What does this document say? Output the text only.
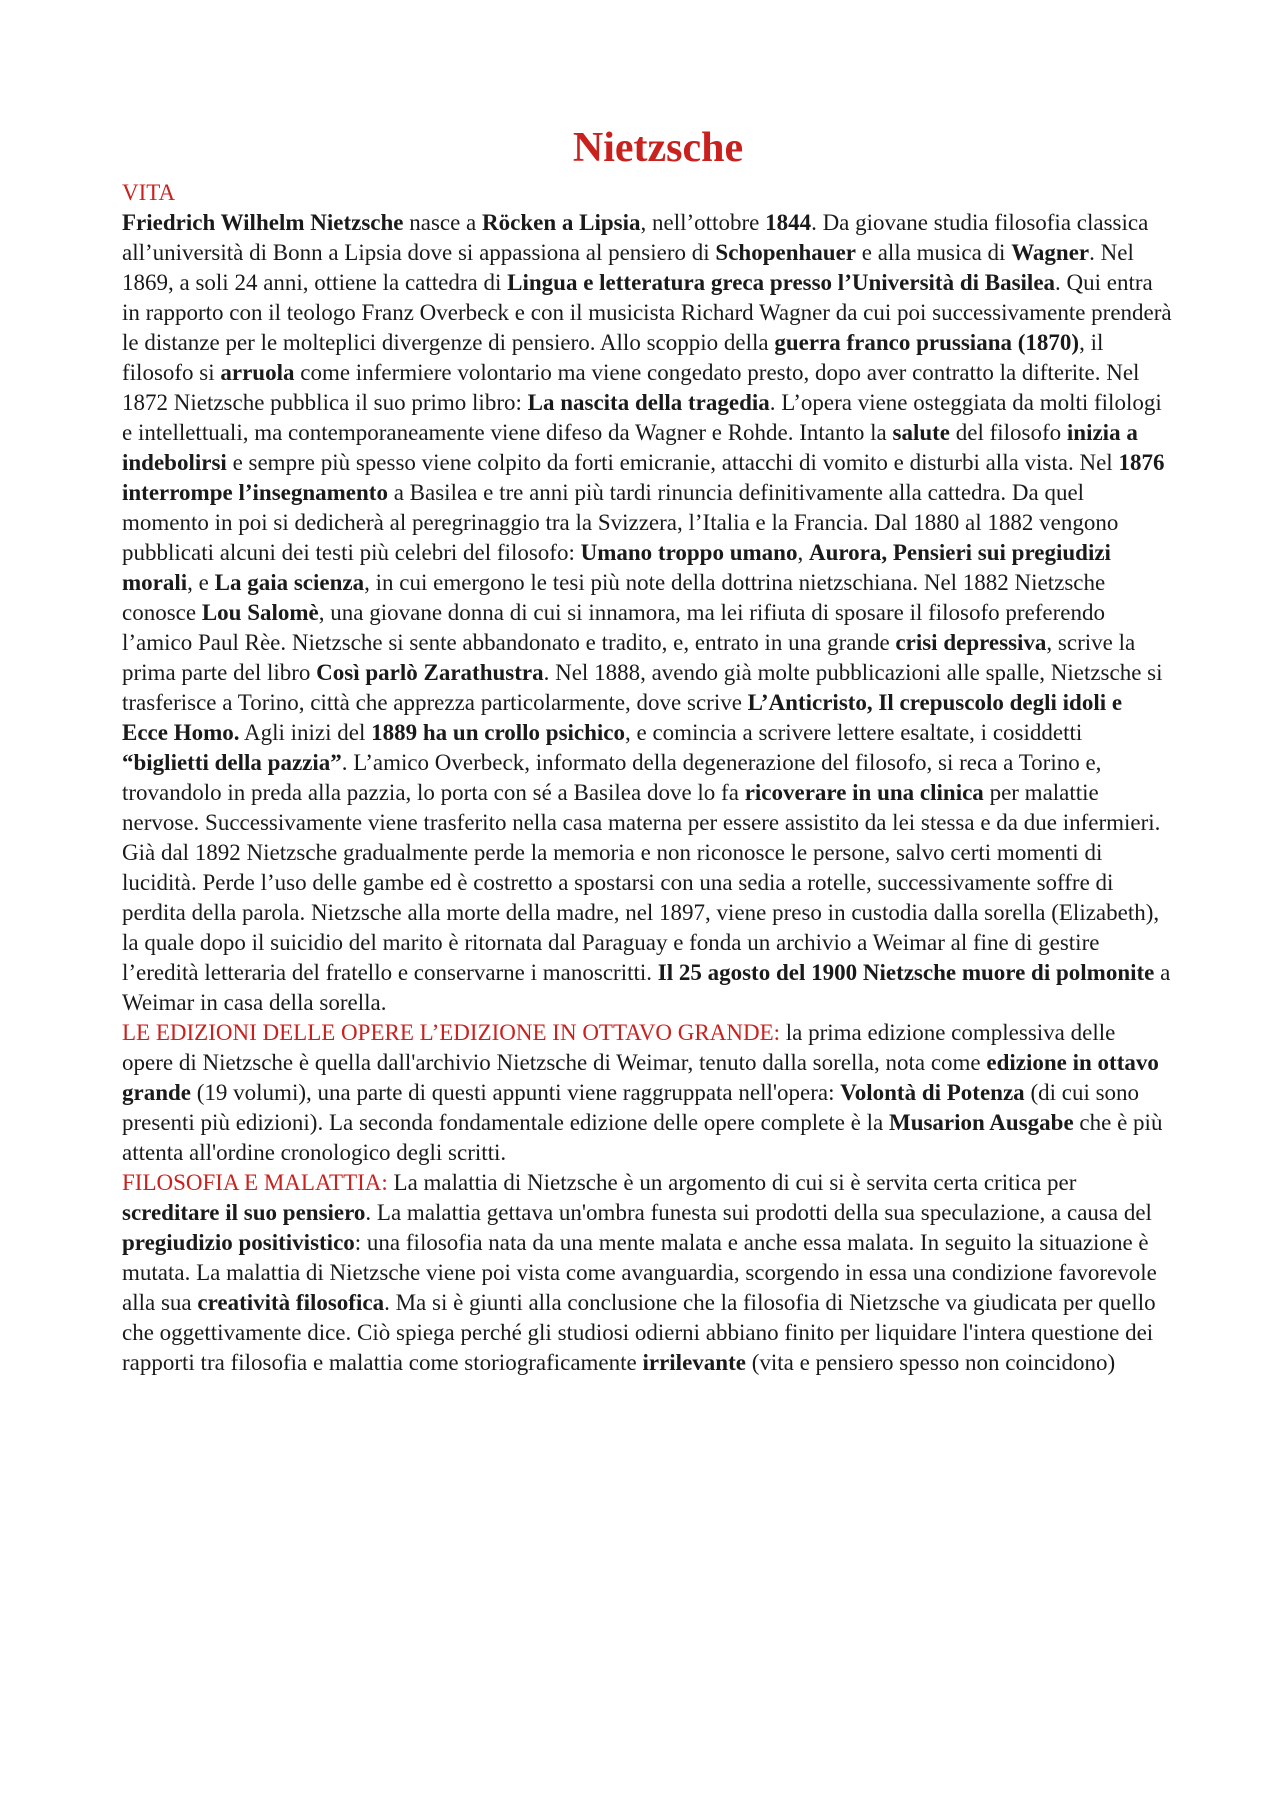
Nietzsche
VITA

Friedrich Wilhelm Nietzsche nasce a Röcken a Lipsia, nell’ottobre 1844. Da giovane studia filosofia classica all’università di Bonn a Lipsia dove si appassiona al pensiero di Schopenhauer e alla musica di Wagner. Nel 1869, a soli 24 anni, ottiene la cattedra di Lingua e letteratura greca presso l’Università di Basilea. Qui entra in rapporto con il teologo Franz Overbeck e con il musicista Richard Wagner da cui poi successivamente prenderà le distanze per le molteplici divergenze di pensiero. Allo scoppio della guerra franco prussiana (1870), il filosofo si arruola come infermiere volontario ma viene congedato presto, dopo aver contratto la difterite. Nel 1872 Nietzsche pubblica il suo primo libro: La nascita della tragedia. L’opera viene osteggiata da molti filologi e intellettuali, ma contemporaneamente viene difeso da Wagner e Rohde. Intanto la salute del filosofo inizia a indebolirsi e sempre più spesso viene colpito da forti emicranie, attacchi di vomito e disturbi alla vista. Nel 1876 interrompe l’insegnamento a Basilea e tre anni più tardi rinuncia definitivamente alla cattedra. Da quel momento in poi si dedicherà al peregrinaggio tra la Svizzera, l’Italia e la Francia. Dal 1880 al 1882 vengono pubblicati alcuni dei testi più celebri del filosofo: Umano troppo umano, Aurora, Pensieri sui pregiudizi morali, e La gaia scienza, in cui emergono le tesi più note della dottrina nietzschiana. Nel 1882 Nietzsche conosce Lou Salomè, una giovane donna di cui si innamora, ma lei rifiuta di sposare il filosofo preferendo l’amico Paul Rèe. Nietzsche si sente abbandonato e tradito, e, entrato in una grande crisi depressiva, scrive la prima parte del libro Così parlò Zarathustra. Nel 1888, avendo già molte pubblicazioni alle spalle, Nietzsche si trasferisce a Torino, città che apprezza particolarmente, dove scrive L’Anticristo, Il crepuscolo degli idoli e Ecce Homo. Agli inizi del 1889 ha un crollo psichico, e comincia a scrivere lettere esaltate, i cosiddetti “biglietti della pazzia”. L’amico Overbeck, informato della degenerazione del filosofo, si reca a Torino e, trovandolo in preda alla pazzia, lo porta con sé a Basilea dove lo fa ricoverare in una clinica per malattie nervose. Successivamente viene trasferito nella casa materna per essere assistito da lei stessa e da due infermieri. Già dal 1892 Nietzsche gradualmente perde la memoria e non riconosce le persone, salvo certi momenti di lucidità. Perde l’uso delle gambe ed è costretto a spostarsi con una sedia a rotelle, successivamente soffre di perdita della parola. Nietzsche alla morte della madre, nel 1897, viene preso in custodia dalla sorella (Elizabeth), la quale dopo il suicidio del marito è ritornata dal Paraguay e fonda un archivio a Weimar al fine di gestire l’eredità letteraria del fratello e conservarne i manoscritti. Il 25 agosto del 1900 Nietzsche muore di polmonite a Weimar in casa della sorella.

LE EDIZIONI DELLE OPERE L’EDIZIONE IN OTTAVO GRANDE: la prima edizione complessiva delle opere di Nietzsche è quella dall'archivio Nietzsche di Weimar, tenuto dalla sorella, nota come edizione in ottavo grande (19 volumi), una parte di questi appunti viene raggruppata nell'opera: Volontà di Potenza (di cui sono presenti più edizioni). La seconda fondamentale edizione delle opere complete è la Musarion Ausgabe che è più attenta all'ordine cronologico degli scritti.

FILOSOFIA E MALATTIA: La malattia di Nietzsche è un argomento di cui si è servita certa critica per screditare il suo pensiero. La malattia gettava un'ombra funesta sui prodotti della sua speculazione, a causa del pregiudizio positivistico: una filosofia nata da una mente malata e anche essa malata. In seguito la situazione è mutata. La malattia di Nietzsche viene poi vista come avanguardia, scorgendo in essa una condizione favorevole alla sua creatività filosofica. Ma si è giunti alla conclusione che la filosofia di Nietzsche va giudicata per quello che oggettivamente dice. Ciò spiega perché gli studiosi odierni abbiano finito per liquidare l'intera questione dei rapporti tra filosofia e malattia come storiograficamente irrilevante (vita e pensiero spesso non coincidono)
